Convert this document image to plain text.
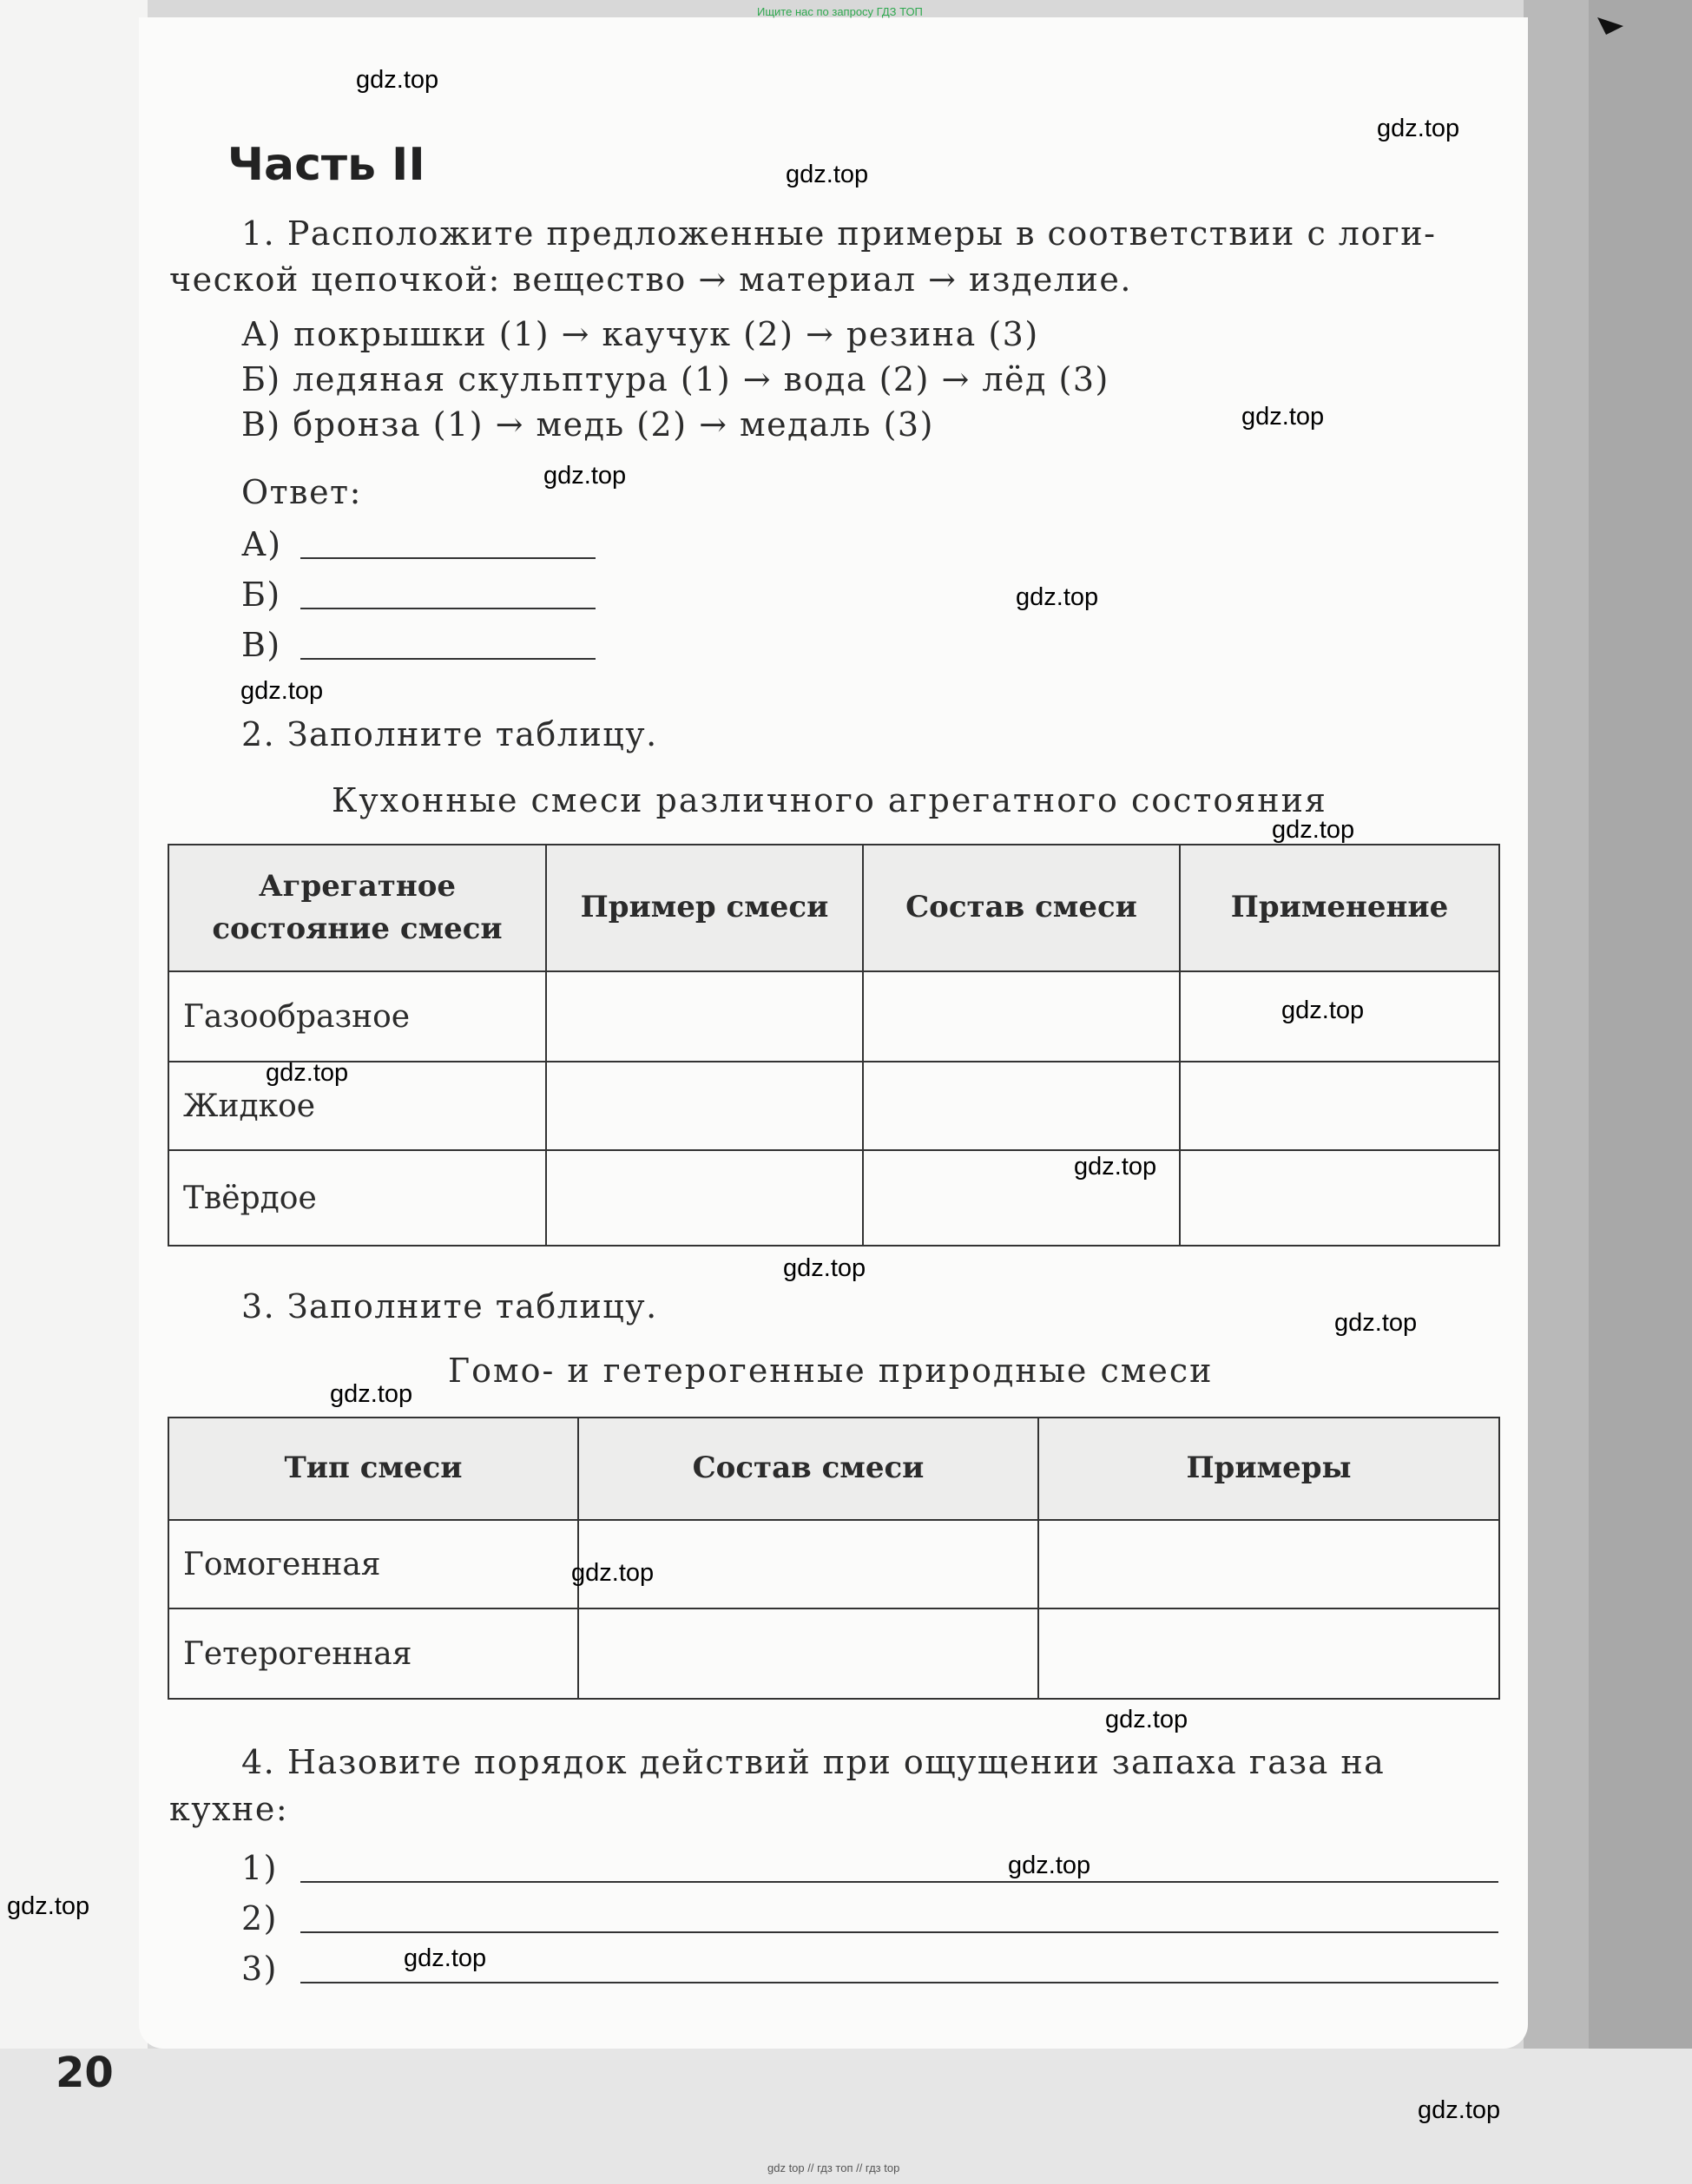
Ищите нас по запросу ГДЗ ТОП
Часть II
1. Расположите предложенные примеры в соответствии с логи-
ческой цепочкой: вещество → материал → изделие.
А) покрышки (1) → каучук (2) → резина (3)
Б) ледяная скульптура (1) → вода (2) → лёд (3)
В) бронза (1) → медь (2) → медаль (3)
Ответ:
А)
Б)
В)
2. Заполните таблицу.
Кухонные смеси различного агрегатного состояния
Агрегатное состояние смеси	Пример смеси	Состав смеси	Применение
Газообразное			
Жидкое			
Твёрдое			
3. Заполните таблицу.
Гомо- и гетерогенные природные смеси
Тип смеси	Состав смеси	Примеры
Гомогенная		
Гетерогенная		
4. Назовите порядок действий при ощущении запаха газа на
кухне:
1)
2)
3)
20
gdz.top
gdz.top
gdz.top
gdz.top
gdz.top
gdz.top
gdz.top
gdz.top
gdz.top
gdz.top
gdz.top
gdz.top
gdz.top
gdz.top
gdz.top
gdz.top
gdz.top
gdz.top
gdz.top
gdz.top
gdz top // гдз топ // гдз top
